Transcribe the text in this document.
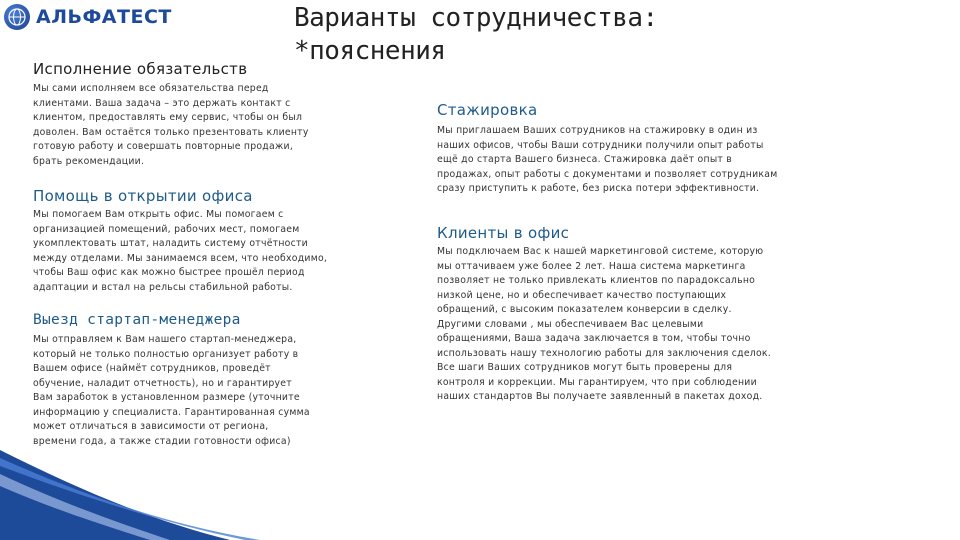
АЛЬФАТЕСТ	Варианты сотрудничества:
*пояснения
Исполнение обязательств
Мы сами исполняем все обязательства перед
клиентами. Ваша задача – это держать контакт с
клиентом, предоставлять ему сервис, чтобы он был
доволен. Вам остаётся только презентовать клиенту
готовую работу и совершать повторные продажи,
брать рекомендации.
Помощь в открытии офиса
Мы помогаем Вам открыть офис. Мы помогаем с
организацией помещений, рабочих мест, помогаем
укомплектовать штат, наладить систему отчётности
между отделами. Мы занимаемся всем, что необходимо,
чтобы Ваш офис как можно быстрее прошёл период
адаптации и встал на рельсы стабильной работы.
Выезд стартап-менеджера
Мы отправляем к Вам нашего стартап-менеджера,
который не только полностью организует работу в
Вашем офисе (наймёт сотрудников, проведёт
обучение, наладит отчетность), но и гарантирует
Вам заработок в установленном размере (уточните
информацию у специалиста. Гарантированная сумма
может отличаться в зависимости от региона,
времени года, а также стадии готовности офиса)
Стажировка
Мы приглашаем Ваших сотрудников на стажировку в один из
наших офисов, чтобы Ваши сотрудники получили опыт работы
ещё до старта Вашего бизнеса. Стажировка даёт опыт в
продажах, опыт работы с документами и позволяет сотрудникам
сразу приступить к работе, без риска потери эффективности.
Клиенты в офис
Мы подключаем Вас к нашей маркетинговой системе, которую
мы оттачиваем уже более 2 лет. Наша система маркетинга
позволяет не только привлекать клиентов по парадоксально
низкой цене, но и обеспечивает качество поступающих
обращений, с высоким показателем конверсии в сделку.
Другими словами , мы обеспечиваем Вас целевыми
обращениями, Ваша задача заключается в том, чтобы точно
использовать нашу технологию работы для заключения сделок.
Все шаги Ваших сотрудников могут быть проверены для
контроля и коррекции. Мы гарантируем, что при соблюдении
наших стандартов Вы получаете заявленный в пакетах доход.
